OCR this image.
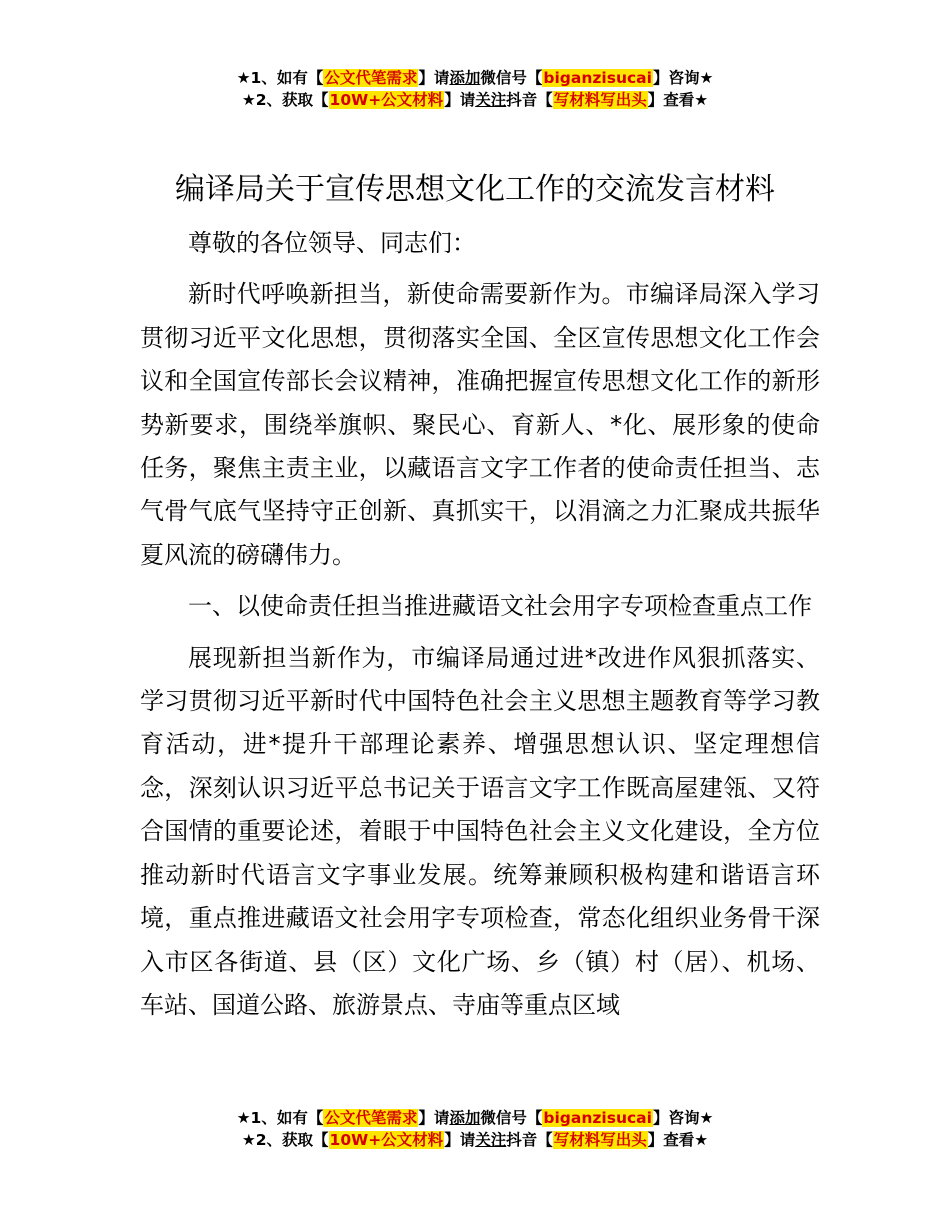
★1、如有【公文代笔需求】请添加微信号【biganzisucai】咨询★
★2、获取【10W+公文材料】请关注抖音【写材料写出头】查看★
编译局关于宣传思想文化工作的交流发言材料

尊敬的各位领导、同志们：

新时代呼唤新担当，新使命需要新作为。市编译局深入学习贯彻习近平文化思想，贯彻落实全国、全区宣传思想文化工作会议和全国宣传部长会议精神，准确把握宣传思想文化工作的新形势新要求，围绕举旗帜、聚民心、育新人、*化、展形象的使命任务，聚焦主责主业，以藏语言文字工作者的使命责任担当、志气骨气底气坚持守正创新、真抓实干，以涓滴之力汇聚成共振华夏风流的磅礴伟力。

一、以使命责任担当推进藏语文社会用字专项检查重点工作

展现新担当新作为，市编译局通过进*改进作风狠抓落实、学习贯彻习近平新时代中国特色社会主义思想主题教育等学习教育活动，进*提升干部理论素养、增强思想认识、坚定理想信念，深刻认识习近平总书记关于语言文字工作既高屋建瓴、又符合国情的重要论述，着眼于中国特色社会主义文化建设，全方位推动新时代语言文字事业发展。统筹兼顾积极构建和谐语言环境，重点推进藏语文社会用字专项检查，常态化组织业务骨干深入市区各街道、县（区）文化广场、乡（镇）村（居）、机场、车站、国道公路、旅游景点、寺庙等重点区域

★1、如有【公文代笔需求】请添加微信号【biganzisucai】咨询★
★2、获取【10W+公文材料】请关注抖音【写材料写出头】查看★
